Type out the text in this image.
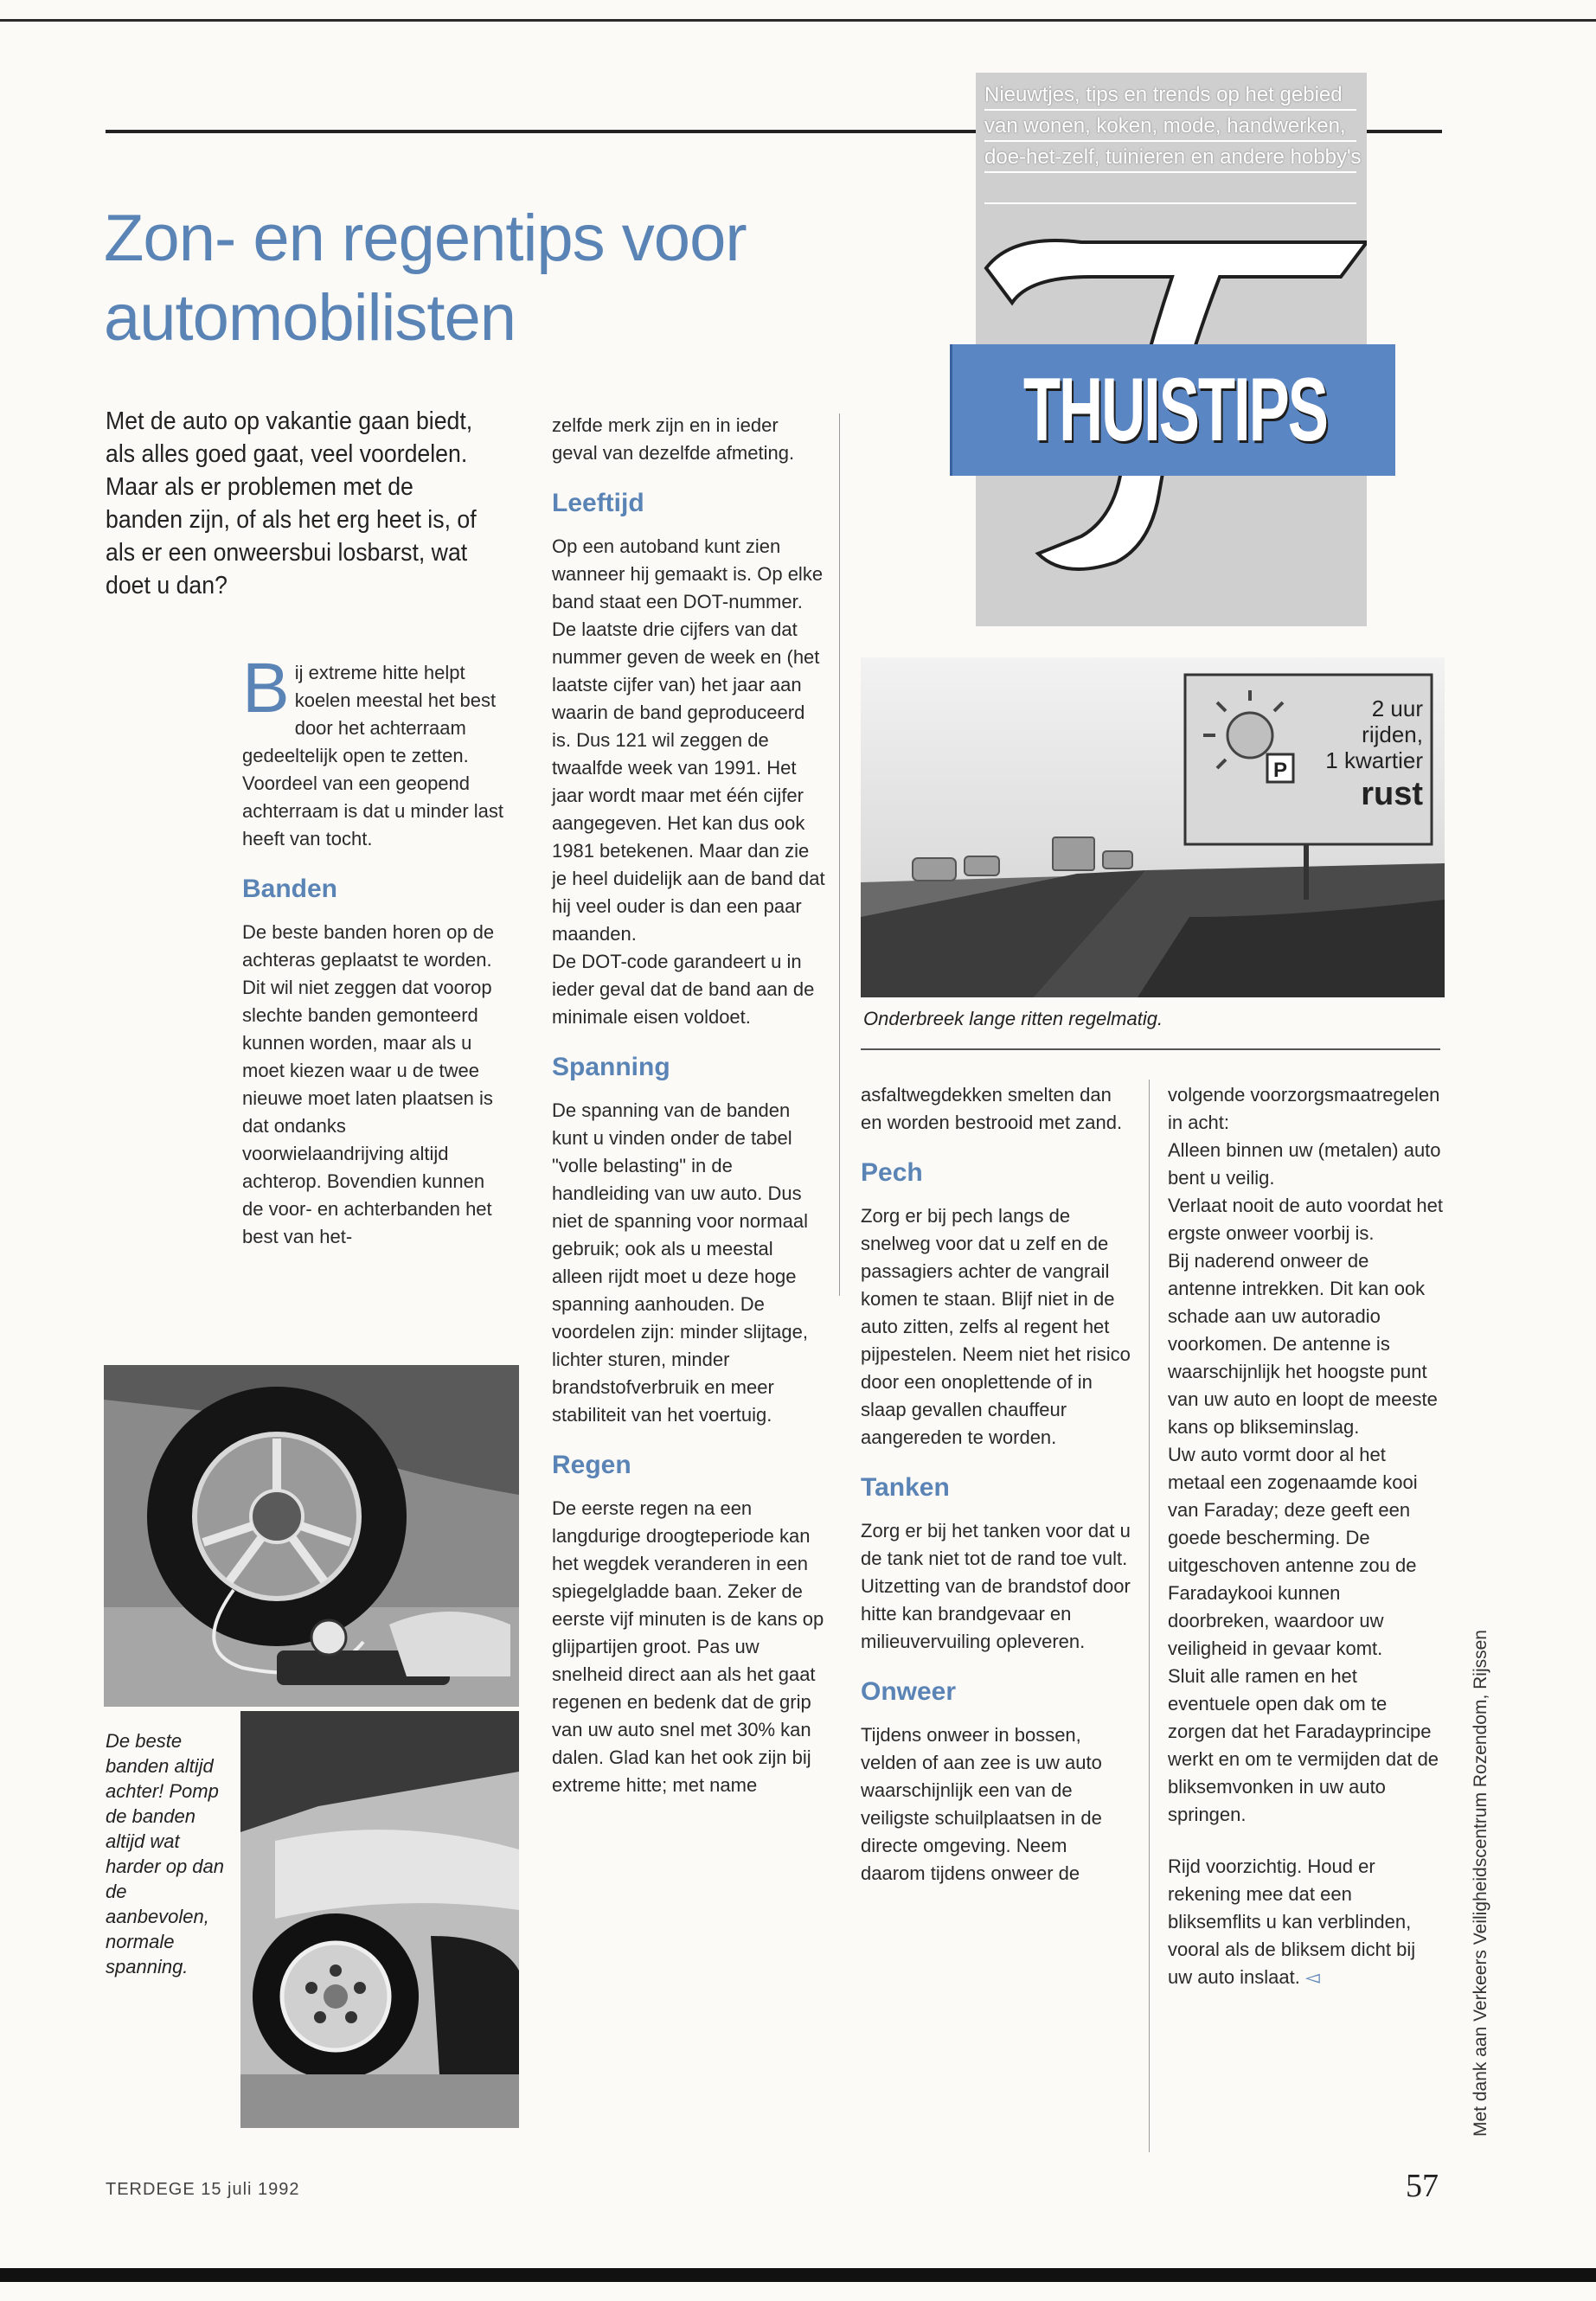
Zon- en regentips voor automobilisten

Met de auto op vakantie gaan biedt, als alles goed gaat, veel voordelen. Maar als er problemen met de banden zijn, of als het erg heet is, of als er een onweersbui losbarst, wat doet u dan?

Bij extreme hitte helpt koelen meestal het best door het achterraam gedeeltelijk open te zetten. Voordeel van een geopend achterraam is dat u minder last heeft van tocht.

Banden

De beste banden horen op de achteras geplaatst te worden. Dit wil niet zeggen dat voorop slechte banden gemonteerd kunnen worden, maar als u moet kiezen waar u de twee nieuwe moet laten plaatsen is dat ondanks voorwielaandrijving altijd achterop. Bovendien kunnen de voor- en achterbanden het best van het-

zelfde merk zijn en in ieder geval van dezelfde afmeting.

Leeftijd

Op een autoband kunt zien wanneer hij gemaakt is. Op elke band staat een DOT-nummer. De laatste drie cijfers van dat nummer geven de week en (het laatste cijfer van) het jaar aan waarin de band geproduceerd is. Dus 121 wil zeggen de twaalfde week van 1991. Het jaar wordt maar met één cijfer aangegeven. Het kan dus ook 1981 betekenen. Maar dan zie je heel duidelijk aan de band dat hij veel ouder is dan een paar maanden.

De DOT-code garandeert u in ieder geval dat de band aan de minimale eisen voldoet.

Spanning

De spanning van de banden kunt u vinden onder de tabel "volle belasting" in de handleiding van uw auto. Dus niet de spanning voor normaal gebruik; ook als u meestal alleen rijdt moet u deze hoge spanning aanhouden. De voordelen zijn: minder slijtage, lichter sturen, minder brandstofverbruik en meer stabiliteit van het voertuig.

Regen

De eerste regen na een langdurige droogteperiode kan het wegdek veranderen in een spiegelgladde baan. Zeker de eerste vijf minuten is de kans op glijpartijen groot. Pas uw snelheid direct aan als het gaat regenen en bedenk dat de grip van uw auto snel met 30% kan dalen. Glad kan het ook zijn bij extreme hitte; met name

asfaltwegdekken smelten dan en worden bestrooid met zand.

Pech

Zorg er bij pech langs de snelweg voor dat u zelf en de passagiers achter de vangrail komen te staan. Blijf niet in de auto zitten, zelfs al regent het pijpestelen. Neem niet het risico door een onoplettende of in slaap gevallen chauffeur aangereden te worden.

Tanken

Zorg er bij het tanken voor dat u de tank niet tot de rand toe vult. Uitzetting van de brandstof door hitte kan brandgevaar en milieuvervuiling opleveren.

Onweer

Tijdens onweer in bossen, velden of aan zee is uw auto waarschijnlijk een van de veiligste schuilplaatsen in de directe omgeving. Neem daarom tijdens onweer de

volgende voorzorgsmaatregelen in acht:

Alleen binnen uw (metalen) auto bent u veilig.

Verlaat nooit de auto voordat het ergste onweer voorbij is.

Bij naderend onweer de antenne intrekken. Dit kan ook schade aan uw autoradio voorkomen. De antenne is waarschijnlijk het hoogste punt van uw auto en loopt de meeste kans op blikseminslag.

Uw auto vormt door al het metaal een zogenaamde kooi van Faraday; deze geeft een goede bescherming. De uitgeschoven antenne zou de Faradaykooi kunnen doorbreken, waardoor uw veiligheid in gevaar komt.

Sluit alle ramen en het eventuele open dak om te zorgen dat het Faradayprincipe werkt en om te vermijden dat de bliksemvonken in uw auto springen.

Rijd voorzichtig. Houd er rekening mee dat een bliksemflits u kan verblinden, vooral als de bliksem dicht bij uw auto inslaat. ◅

Nieuwtjes, tips en trends op het gebied van wonen, koken, mode, handwerken, doe-het-zelf, tuinieren en andere hobby's

THUISTIPS
P
2 uur
rijden,
1 kwartier
rust
Onderbreek lange ritten regelmatig.
De beste banden altijd achter! Pomp de banden altijd wat harder op dan de aanbevolen, normale spanning.
TERDEGE 15 juli 1992	57
Met dank aan Verkeers Veiligheidscentrum Rozendom, Rijssen
